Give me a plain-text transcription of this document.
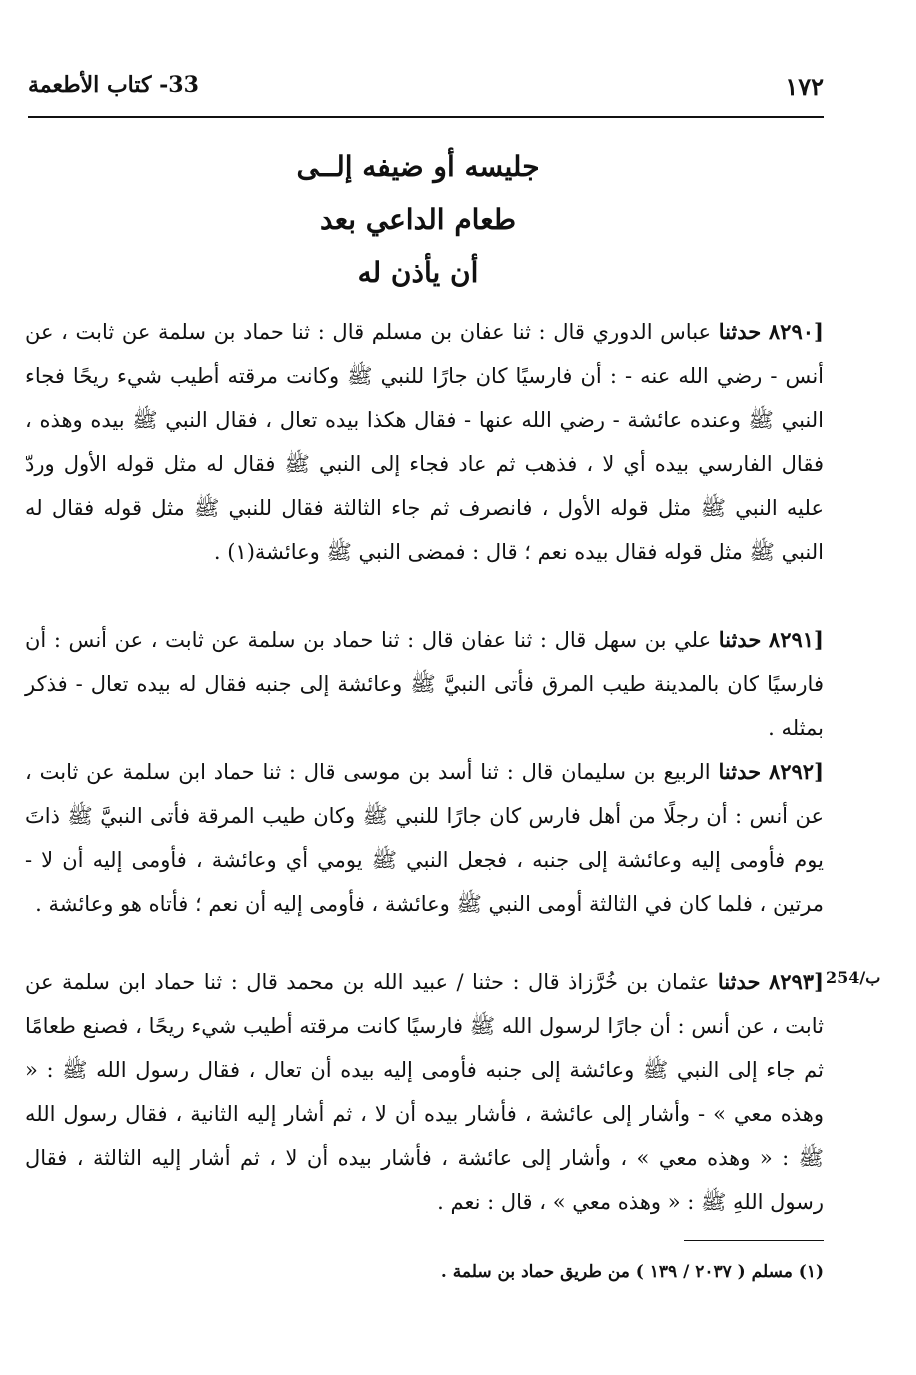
١٧٢
33- كتاب الأطعمة
جليسه أو ضيفه إلــى
طعام الداعي بعد
أن يأذن له
[٨٢٩٠ حدثنا عباس الدوري قال : ثنا عفان بن مسلم قال : ثنا حماد بن سلمة عن ثابت ، عن أنس - رضي الله عنه - : أن فارسيًا كان جارًا للنبي ﷺ وكانت مرقته أطيب شيء ريحًا فجاء النبي ﷺ وعنده عائشة - رضي الله عنها - فقال هكذا بيده تعال ، فقال النبي ﷺ بيده وهذه ، فقال الفارسي بيده أي لا ، فذهب ثم عاد فجاء إلى النبي ﷺ فقال له مثل قوله الأول وردّ عليه النبي ﷺ مثل قوله الأول ، فانصرف ثم جاء الثالثة فقال للنبي ﷺ مثل قوله فقال له النبي ﷺ مثل قوله فقال بيده نعم ؛ قال : فمضى النبي ﷺ وعائشة(١) .
[٨٢٩١ حدثنا علي بن سهل قال : ثنا عفان قال : ثنا حماد بن سلمة عن ثابت ، عن أنس : أن فارسيًا كان بالمدينة طيب المرق فأتى النبيَّ ﷺ وعائشة إلى جنبه فقال له بيده تعال - فذكر بمثله .
[٨٢٩٢ حدثنا الربيع بن سليمان قال : ثنا أسد بن موسى قال : ثنا حماد ابن سلمة عن ثابت ، عن أنس : أن رجلًا من أهل فارس كان جارًا للنبي ﷺ وكان طيب المرقة فأتى النبيَّ ﷺ ذاتَ يوم فأومى إليه وعائشة إلى جنبه ، فجعل النبي ﷺ يومي أي وعائشة ، فأومى إليه أن لا - مرتين ، فلما كان في الثالثة أومى النبي ﷺ وعائشة ، فأومى إليه أن نعم ؛ فأتاه هو وعائشة .
254/ب
[٨٢٩٣ حدثنا عثمان بن خُرَّزاذ قال : حثنا / عبيد الله بن محمد قال : ثنا حماد ابن سلمة عن ثابت ، عن أنس : أن جارًا لرسول الله ﷺ فارسيًا كانت مرقته أطيب شيء ريحًا ، فصنع طعامًا ثم جاء إلى النبي ﷺ وعائشة إلى جنبه فأومى إليه بيده أن تعال ، فقال رسول الله ﷺ : « وهذه معي » - وأشار إلى عائشة ، فأشار بيده أن لا ، ثم أشار إليه الثانية ، فقال رسول الله ﷺ : « وهذه معي » ، وأشار إلى عائشة ، فأشار بيده أن لا ، ثم أشار إليه الثالثة ، فقال رسول اللهِ ﷺ : « وهذه معي » ، قال : نعم .
(١) مسلم ( ٢٠٣٧ / ١٣٩ ) من طريق حماد بن سلمة .
